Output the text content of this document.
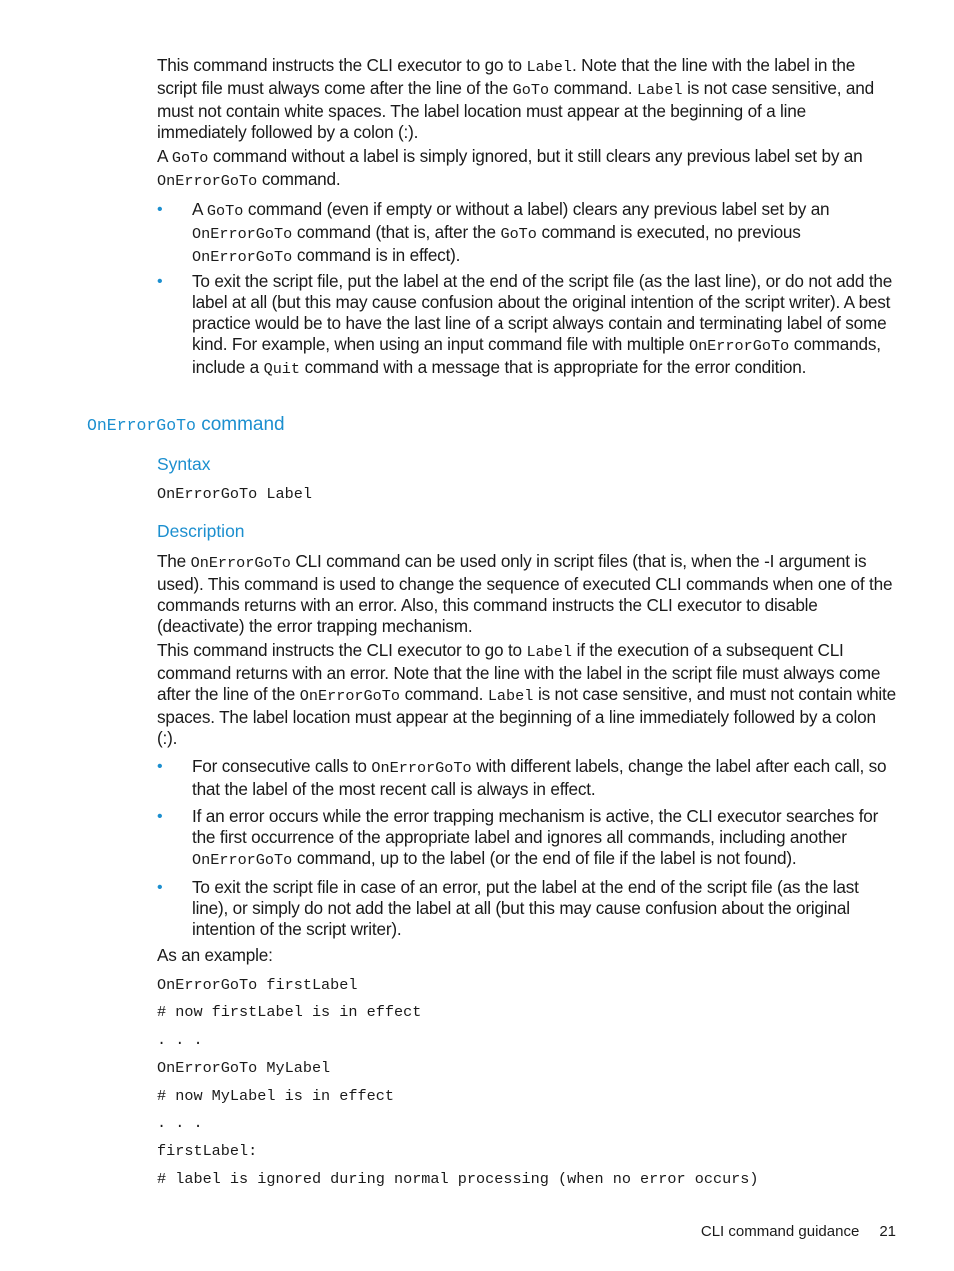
This command instructs the CLI executor to go to Label. Note that the line with the label in the script file must always come after the line of the GoTo command. Label is not case sensitive, and must not contain white spaces. The label location must appear at the beginning of a line immediately followed by a colon (:).

A GoTo command without a label is simply ignored, but it still clears any previous label set by an OnErrorGoTo command.

• A GoTo command (even if empty or without a label) clears any previous label set by an OnErrorGoTo command (that is, after the GoTo command is executed, no previous OnErrorGoTo command is in effect).
• To exit the script file, put the label at the end of the script file (as the last line), or do not add the label at all (but this may cause confusion about the original intention of the script writer). A best practice would be to have the last line of a script always contain and terminating label of some kind. For example, when using an input command file with multiple OnErrorGoTo commands, include a Quit command with a message that is appropriate for the error condition.
OnErrorGoTo command
Syntax
OnErrorGoTo Label
Description

The OnErrorGoTo CLI command can be used only in script files (that is, when the -I argument is used). This command is used to change the sequence of executed CLI commands when one of the commands returns with an error. Also, this command instructs the CLI executor to disable (deactivate) the error trapping mechanism.

This command instructs the CLI executor to go to Label if the execution of a subsequent CLI command returns with an error. Note that the line with the label in the script file must always come after the line of the OnErrorGoTo command. Label is not case sensitive, and must not contain white spaces. The label location must appear at the beginning of a line immediately followed by a colon (:).

• For consecutive calls to OnErrorGoTo with different labels, change the label after each call, so that the label of the most recent call is always in effect.
• If an error occurs while the error trapping mechanism is active, the CLI executor searches for the first occurrence of the appropriate label and ignores all commands, including another OnErrorGoTo command, up to the label (or the end of file if the label is not found).
• To exit the script file in case of an error, put the label at the end of the script file (as the last line), or simply do not add the label at all (but this may cause confusion about the original intention of the script writer).

As an example:

OnErrorGoTo firstLabel
# now firstLabel is in effect
. . .
OnErrorGoTo MyLabel
# now MyLabel is in effect
. . .
firstLabel:
# label is ignored during normal processing (when no error occurs)
CLI command guidance 21
